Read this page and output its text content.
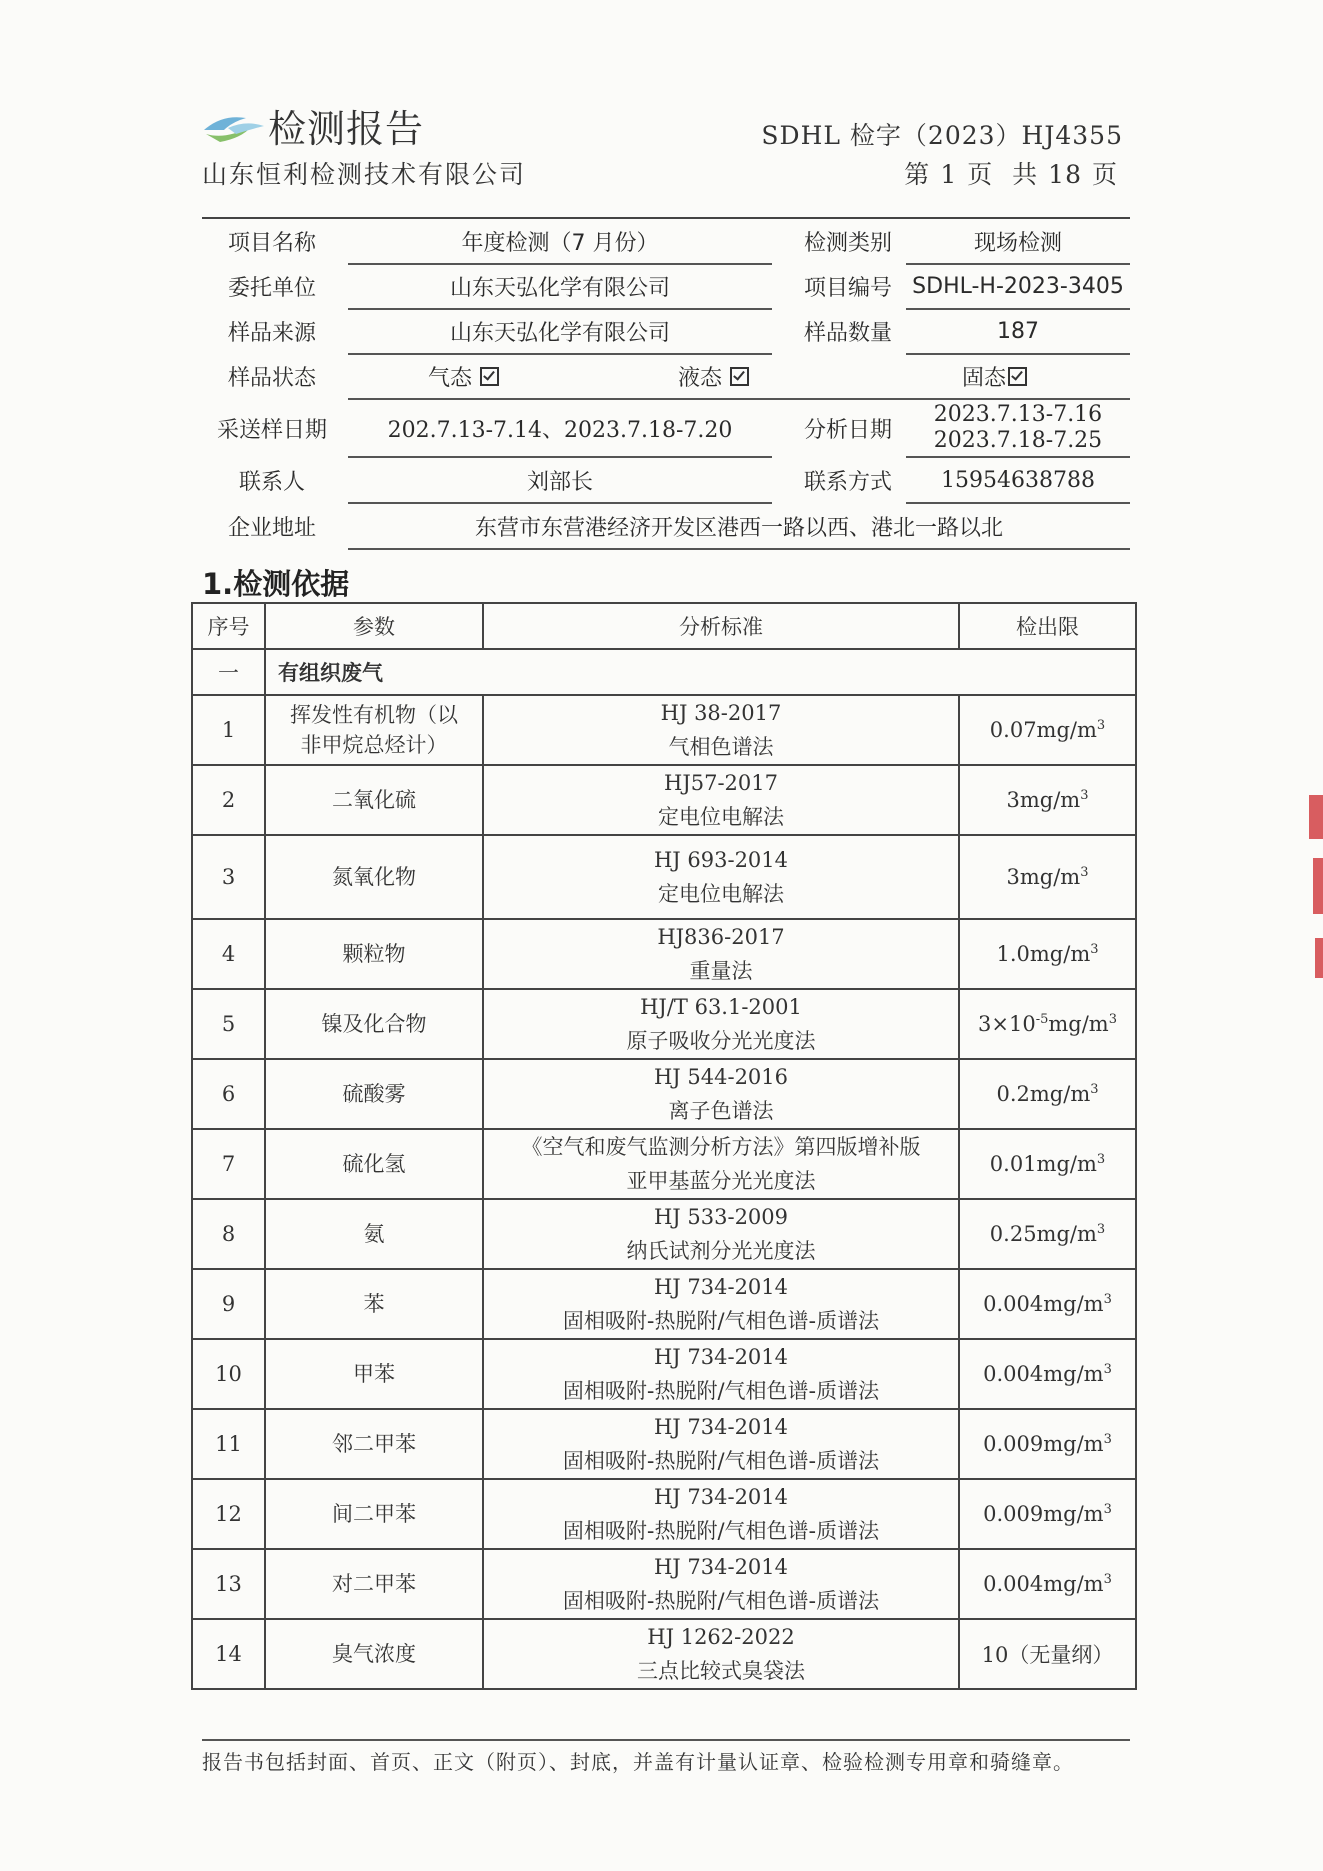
检测报告
山东恒利检测技术有限公司
SDHL 检字（2023）HJ4355
第 1 页 共 18 页
项目名称	年度检测（7 月份）	检测类别	现场检测
委托单位	山东天弘化学有限公司	项目编号 SDHL-H-2023-3405
样品来源	山东天弘化学有限公司	样品数量	187
样品状态	气态	液态	固态
采送样日期	202.7.13-7.14、2023.7.18-7.20	分析日期
2023.7.13-7.16
2023.7.18-7.25
联系人	刘部长	联系方式	15954638788
企业地址	东营市东营港经济开发区港西一路以西、港北一路以北
1.检测依据
序号	参数	分析标准	检出限
一	有组织废气		
1	挥发性有机物（以非甲烷总烃计）	HJ 38-2017
气相色谱法	$0.07mg/m^3$
2	二氧化硫	HJ57-2017
定电位电解法	$3mg/m^3$
3	氮氧化物	HJ 693-2014
定电位电解法	$3mg/m^3$
4	颗粒物	HJ836-2017
重量法	$1.0mg/m^3$
5	镍及化合物	HJ/T 63.1-2001
原子吸收分光光度法	$3\times 10^{-5}mg/m^3$
6	硫酸雾	HJ 544-2016
离子色谱法	$0.2mg/m^3$
7	硫化氢	《空气和废气监测分析方法》第四版增补版
亚甲基蓝分光光度法	$0.01mg/m^3$
8	氨	HJ 533-2009
纳氏试剂分光光度法	$0.25mg/m^3$
9	苯	HJ 734-2014
固相吸附-热脱附/气相色谱-质谱法	$0.004mg/m^3$
10	甲苯	HJ 734-2014
固相吸附-热脱附/气相色谱-质谱法	$0.004mg/m^3$
11	邻二甲苯	HJ 734-2014
固相吸附-热脱附/气相色谱-质谱法	$0.009mg/m^3$
12	间二甲苯	HJ 734-2014
固相吸附-热脱附/气相色谱-质谱法	$0.009mg/m^3$
13	对二甲苯	HJ 734-2014
固相吸附-热脱附/气相色谱-质谱法	$0.004mg/m^3$
14	臭气浓度	HJ 1262-2022
三点比较式臭袋法	10（无量纲）
报告书包括封面、首页、正文（附页）、封底，并盖有计量认证章、检验检测专用章和骑缝章。
